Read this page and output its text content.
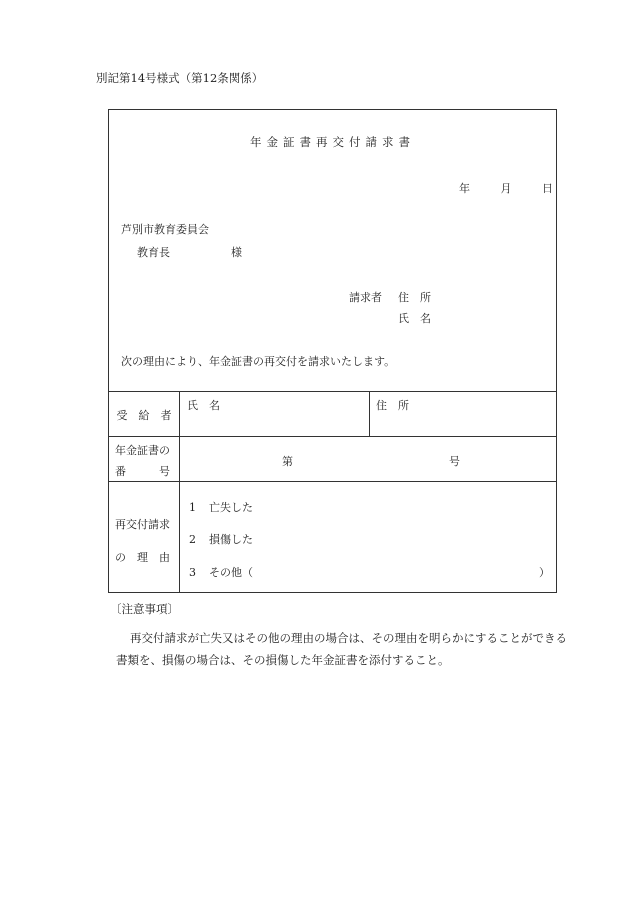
別記第14号様式（第12条関係）
年金証書再交付請求書
年	月	日
芦別市教育委員会
教育長	様
請求者 住　所
氏　名
次の理由により、年金証書の再交付を請求いたします。
受　給　者
氏　名	住　所
年金証書の
番　　　号
第	号
再交付請求
の　理　由
1 亡失した
2 損傷した
3 その他（	）
〔注意事項〕
再交付請求が亡失又はその他の理由の場合は、その理由を明らかにすることができる書類を、損傷の場合は、その損傷した年金証書を添付すること。
